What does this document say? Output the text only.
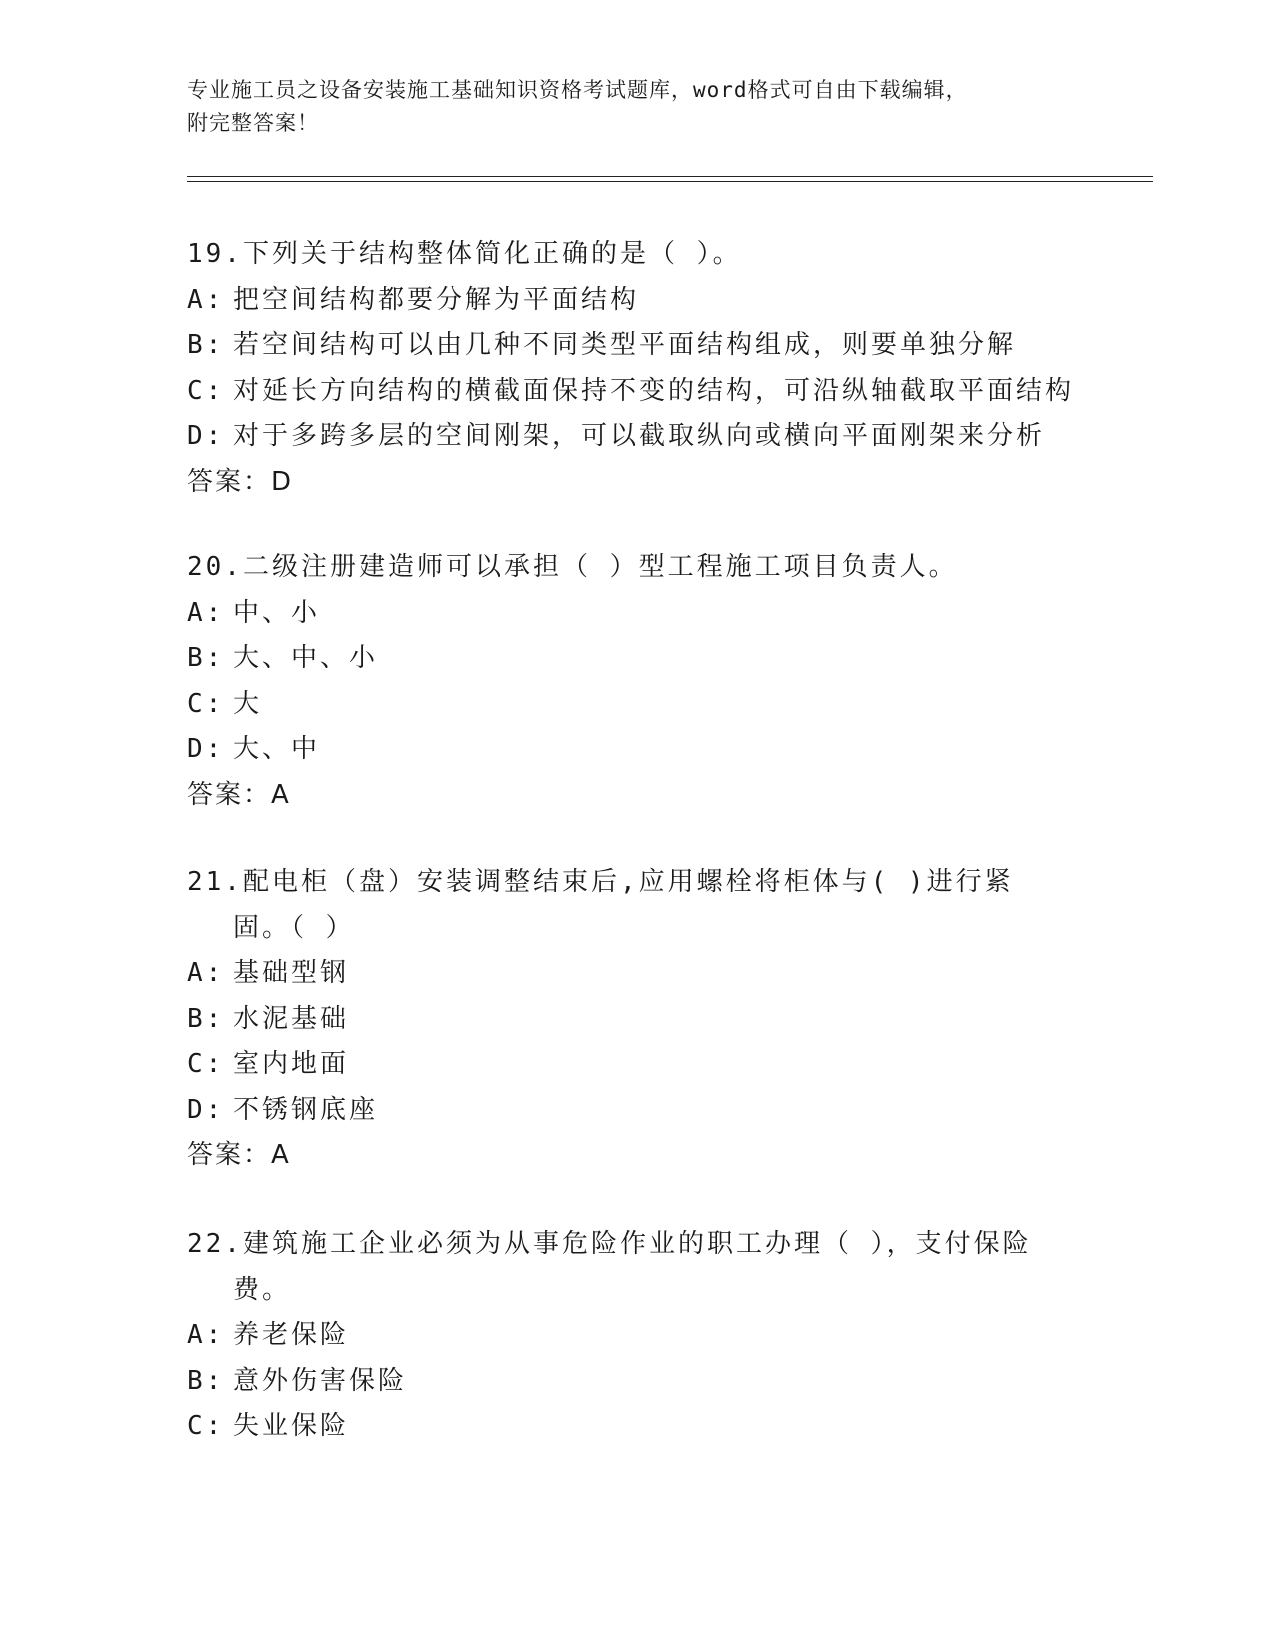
专业施工员之设备安装施工基础知识资格考试题库，word格式可自由下载编辑，
附完整答案！
19.下列关于结构整体简化正确的是（ ）。
A: 把空间结构都要分解为平面结构
B: 若空间结构可以由几种不同类型平面结构组成，则要单独分解
C: 对延长方向结构的横截面保持不变的结构，可沿纵轴截取平面结构
D: 对于多跨多层的空间刚架，可以截取纵向或横向平面刚架来分析
答案：D
20.二级注册建造师可以承担（ ）型工程施工项目负责人。
A: 中、小
B: 大、中、小
C: 大
D: 大、中
答案：A
21.配电柜（盘）安装调整结束后,应用螺栓将柜体与( )进行紧固。（ ）
A: 基础型钢
B: 水泥基础
C: 室内地面
D: 不锈钢底座
答案：A
22.建筑施工企业必须为从事危险作业的职工办理（ ），支付保险费。
A: 养老保险
B: 意外伤害保险
C: 失业保险
